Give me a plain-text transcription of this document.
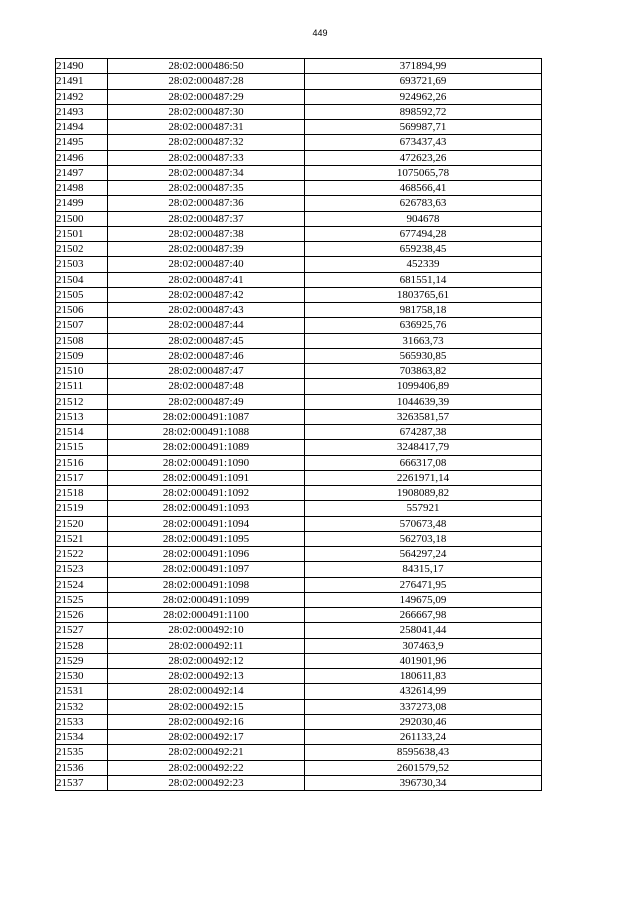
449
21490	28:02:000486:50	371894,99
21491	28:02:000487:28	693721,69
21492	28:02:000487:29	924962,26
21493	28:02:000487:30	898592,72
21494	28:02:000487:31	569987,71
21495	28:02:000487:32	673437,43
21496	28:02:000487:33	472623,26
21497	28:02:000487:34	1075065,78
21498	28:02:000487:35	468566,41
21499	28:02:000487:36	626783,63
21500	28:02:000487:37	904678
21501	28:02:000487:38	677494,28
21502	28:02:000487:39	659238,45
21503	28:02:000487:40	452339
21504	28:02:000487:41	681551,14
21505	28:02:000487:42	1803765,61
21506	28:02:000487:43	981758,18
21507	28:02:000487:44	636925,76
21508	28:02:000487:45	31663,73
21509	28:02:000487:46	565930,85
21510	28:02:000487:47	703863,82
21511	28:02:000487:48	1099406,89
21512	28:02:000487:49	1044639,39
21513	28:02:000491:1087	3263581,57
21514	28:02:000491:1088	674287,38
21515	28:02:000491:1089	3248417,79
21516	28:02:000491:1090	666317,08
21517	28:02:000491:1091	2261971,14
21518	28:02:000491:1092	1908089,82
21519	28:02:000491:1093	557921
21520	28:02:000491:1094	570673,48
21521	28:02:000491:1095	562703,18
21522	28:02:000491:1096	564297,24
21523	28:02:000491:1097	84315,17
21524	28:02:000491:1098	276471,95
21525	28:02:000491:1099	149675,09
21526	28:02:000491:1100	266667,98
21527	28:02:000492:10	258041,44
21528	28:02:000492:11	307463,9
21529	28:02:000492:12	401901,96
21530	28:02:000492:13	180611,83
21531	28:02:000492:14	432614,99
21532	28:02:000492:15	337273,08
21533	28:02:000492:16	292030,46
21534	28:02:000492:17	261133,24
21535	28:02:000492:21	8595638,43
21536	28:02:000492:22	2601579,52
21537	28:02:000492:23	396730,34
